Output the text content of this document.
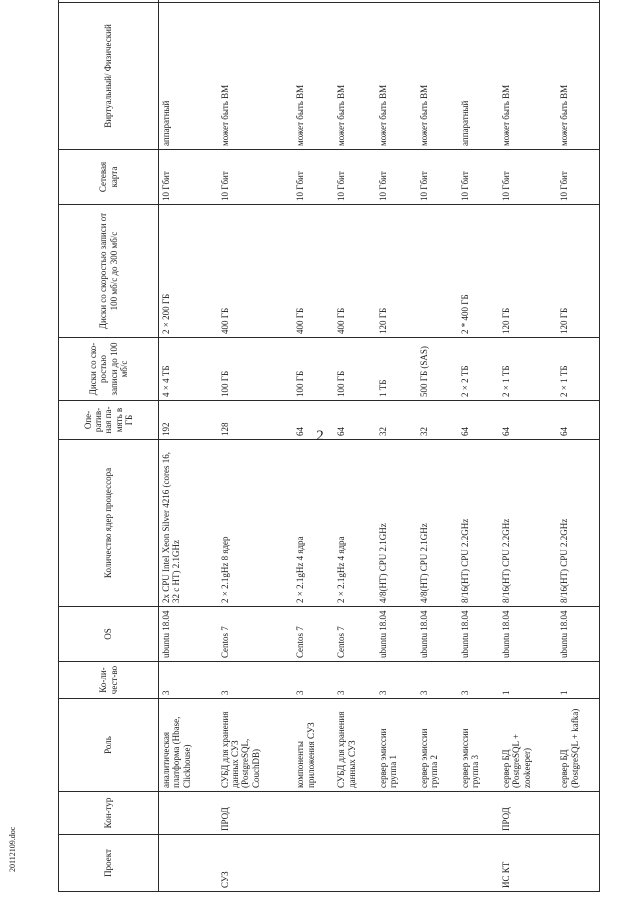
2
20112109.doc	Проект	Кон-тур	Роль	Ко-ли-чест-во	OS	Количество ядер процессора	Опе-ратив-ная па-мять в ГБ	Диски со ско-ростью записи до 100 мб/с	Диски со скоростью записи от 100 мб/с до 300 мб/с	Сетевая карта	Виртуальный/ Физический	
		аналитическая платформа (Hbase, Clickhouse)	3	ubuntu 18.04	2x CPU Intel Xeon Silver 4216 (cores 16, 32 с HT) 2.1GHz	192	4 × 4 ТБ	2 × 200 ГБ	10 Гбит	аппаратный	
СУЗ	ПРОД	СУБД для хранения данных СУЗ (PostgreSQL, CouchDB)	3	Centos 7	2 × 2.1gHz 8 ядер	128	100 ГБ	400 ГБ	10 Гбит	может быть ВМ	
		компоненты приложения СУЗ	3	Centos 7	2 × 2.1gHz 4 ядра	64	100 ГБ	400 ГБ	10 Гбит	может быть ВМ	
		СУБД для хранения данных СУЗ	3	Centos 7	2 × 2.1gHz 4 ядра	64	100 ГБ	400 ГБ	10 Гбит	может быть ВМ	
		сервер эмиссии группа 1	3	ubuntu 18.04	4/8(HT) CPU 2.1GHz	32	1 ТБ	120 ГБ	10 Гбит	может быть ВМ	
		сервер эмиссии группа 2	3	ubuntu 18.04	4/8(HT) CPU 2.1GHz	32	500 ГБ (SAS)		10 Гбит	может быть ВМ	
		сервер эмиссии группа 3	3	ubuntu 18.04	8/16(HT) CPU 2.2GHz	64	2 × 2 ТБ	2 * 400 ГБ	10 Гбит	аппаратный	
ИС КТ	ПРОД	сервер БД (PostgreSQL + zookeeper)	1	ubuntu 18.04	8/16(HT) CPU 2.2GHz	64	2 × 1 ТБ	120 ГБ	10 Гбит	может быть ВМ	
		сервер БД (PostgreSQL + kafka)	1	ubuntu 18.04	8/16(HT) CPU 2.2GHz	64	2 × 1 ТБ	120 ГБ	10 Гбит	может быть ВМ	
